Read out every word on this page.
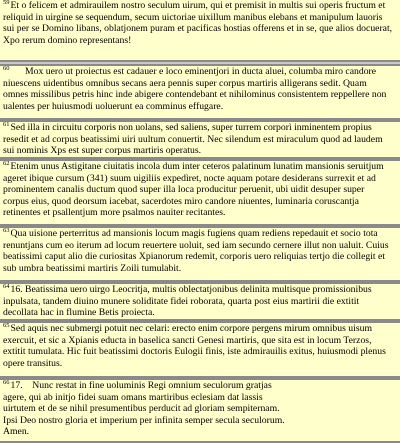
$^{59}$Et o felicem et admirauilem nostro seculum uirum, qui et premisit in multis sui operis fructum et
reliquid in uirgine se sequendum, secum uictoriae uixillum manibus elebans et manipulum lauoris
sui per se Domino libans, oblatjonem puram et pacificas hostias offerens et in se, que alios docuerat,
Xpo rerum domino representans!
$^{60}$      Mox uero ut proiectus est cadauer e loco eminentjori in ducta aluei, columba miro candore
niuescens uidentibus omnibus secans aera pennis super corpus martiris alligerans sedit. Quam
omnes missilibus petris hinc inde abigere contendebant et nihilominus consistentem reppellere non
ualentes per huiusmodi uoluerunt ea comminus effugare.
$^{61}$Sed illa in circuitu corporis non uolans, sed saliens, super turrem corporì inminentem propius
resedit et ad corpus beatissimi uiri uultum conuertit. Nec silendum est miraculum quod ad laudem
sui nominis Xps est super corpus martiris operatus.
$^{62}$Etenim unus Astigitane ciuitatis incola dum inter ceteros palatinum lunatim mansionis seruitjum
ageret ibique cursum (341) suum uigiliis expedìret, nocte aquam potare desiderans surrexit et ad
prominentem canalis ductum quod super illa loca producitur peruenit, ubi uidit desuper super
corpus eius, quod deorsum iacebat, sacerdotes miro candore niuentes, luminaria coruscantja
retinentes et psallentjum more psalmos nauiter recitantes.
$^{63}$Qua uisione perterritus ad mansionis locum magis fugiens quam rediens repedauit et socio tota
renuntjans cum eo iterum ad locum reuertere uoluit, sed iam secundo cernere illut non ualuit. Cuius
beatissimi caput alio die curiositas Xpianorum redemit, corporis uero reliquias tertjo die collegit et
sub umbra beatissimi martiris Zoili tumulabit.
$^{64}$16. Beatissima uero uirgo Leocritja, multis oblectatjonibus delinita multisque promissionibus
inpulsata, tandem diuino munere solidìtate fidei roborata, quarta post eius martirii die extitit
decollata hac in flumine Betis proiecta.
$^{65}$Sed aquis nec submergi potuit nec celari: erecto enim corpore pergens mirum omnibus uisum
exercuit, et sic a Xpianis educta in baselica sancti Genesi martiris, que sita est in locum Terzos,
extitit tumulata. Hic fuit beatissimi doctoris Eulogii finis, iste admirauilis exitus, huiusmodi plenus
opere transitus.
$^{66}$17.    Nunc restat in fine uoluminis Regi omnium seculorum gratjas
agere, qui ab initjo fidei suam omans martiribus eclesiam dat lassis
uirtutem et de se nihil presumentibus perducit ad gloriam sempiternam.
Ipsi Deo nostro gloria et imperium per infinita semper secula seculorum.
Amen.
